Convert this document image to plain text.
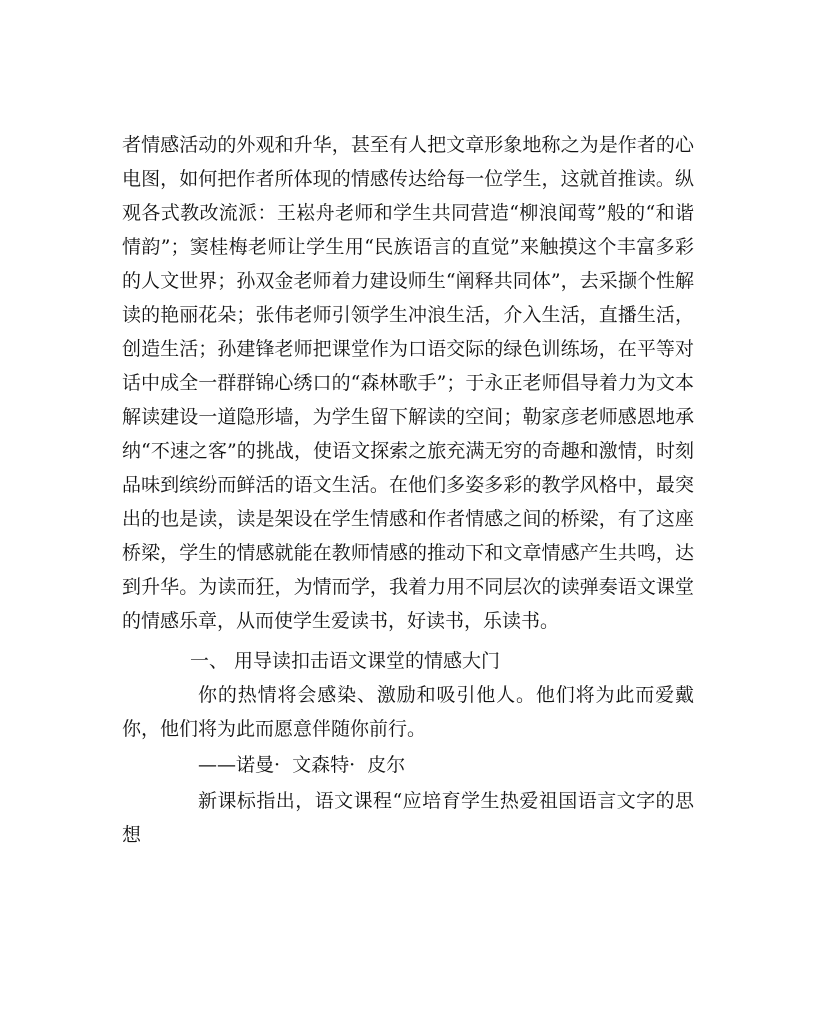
者情感活动的外观和升华，甚至有人把文章形象地称之为是作者的心电图，如何把作者所体现的情感传达给每一位学生，这就首推读。纵观各式教改流派：王崧舟老师和学生共同营造“柳浪闻莺”般的“和谐情韵”；窦桂梅老师让学生用“民族语言的直觉”来触摸这个丰富多彩的人文世界；孙双金老师着力建设师生“阐释共同体”，去采撷个性解读的艳丽花朵；张伟老师引领学生冲浪生活，介入生活，直播生活，创造生活；孙建锋老师把课堂作为口语交际的绿色训练场，在平等对话中成全一群群锦心绣口的“森林歌手”；于永正老师倡导着力为文本解读建设一道隐形墙，为学生留下解读的空间；勒家彦老师感恩地承纳“不速之客”的挑战，使语文探索之旅充满无穷的奇趣和激情，时刻品味到缤纷而鲜活的语文生活。在他们多姿多彩的教学风格中，最突出的也是读，读是架设在学生情感和作者情感之间的桥梁，有了这座桥梁，学生的情感就能在教师情感的推动下和文章情感产生共鸣，达到升华。为读而狂，为情而学，我着力用不同层次的读弹奏语文课堂的情感乐章，从而使学生爱读书，好读书，乐读书。

一、 用导读扣击语文课堂的情感大门

你的热情将会感染、激励和吸引他人。他们将为此而爱戴你，他们将为此而愿意伴随你前行。

——诺曼·  文森特·  皮尔

新课标指出，语文课程“应培育学生热爱祖国语言文字的思想
